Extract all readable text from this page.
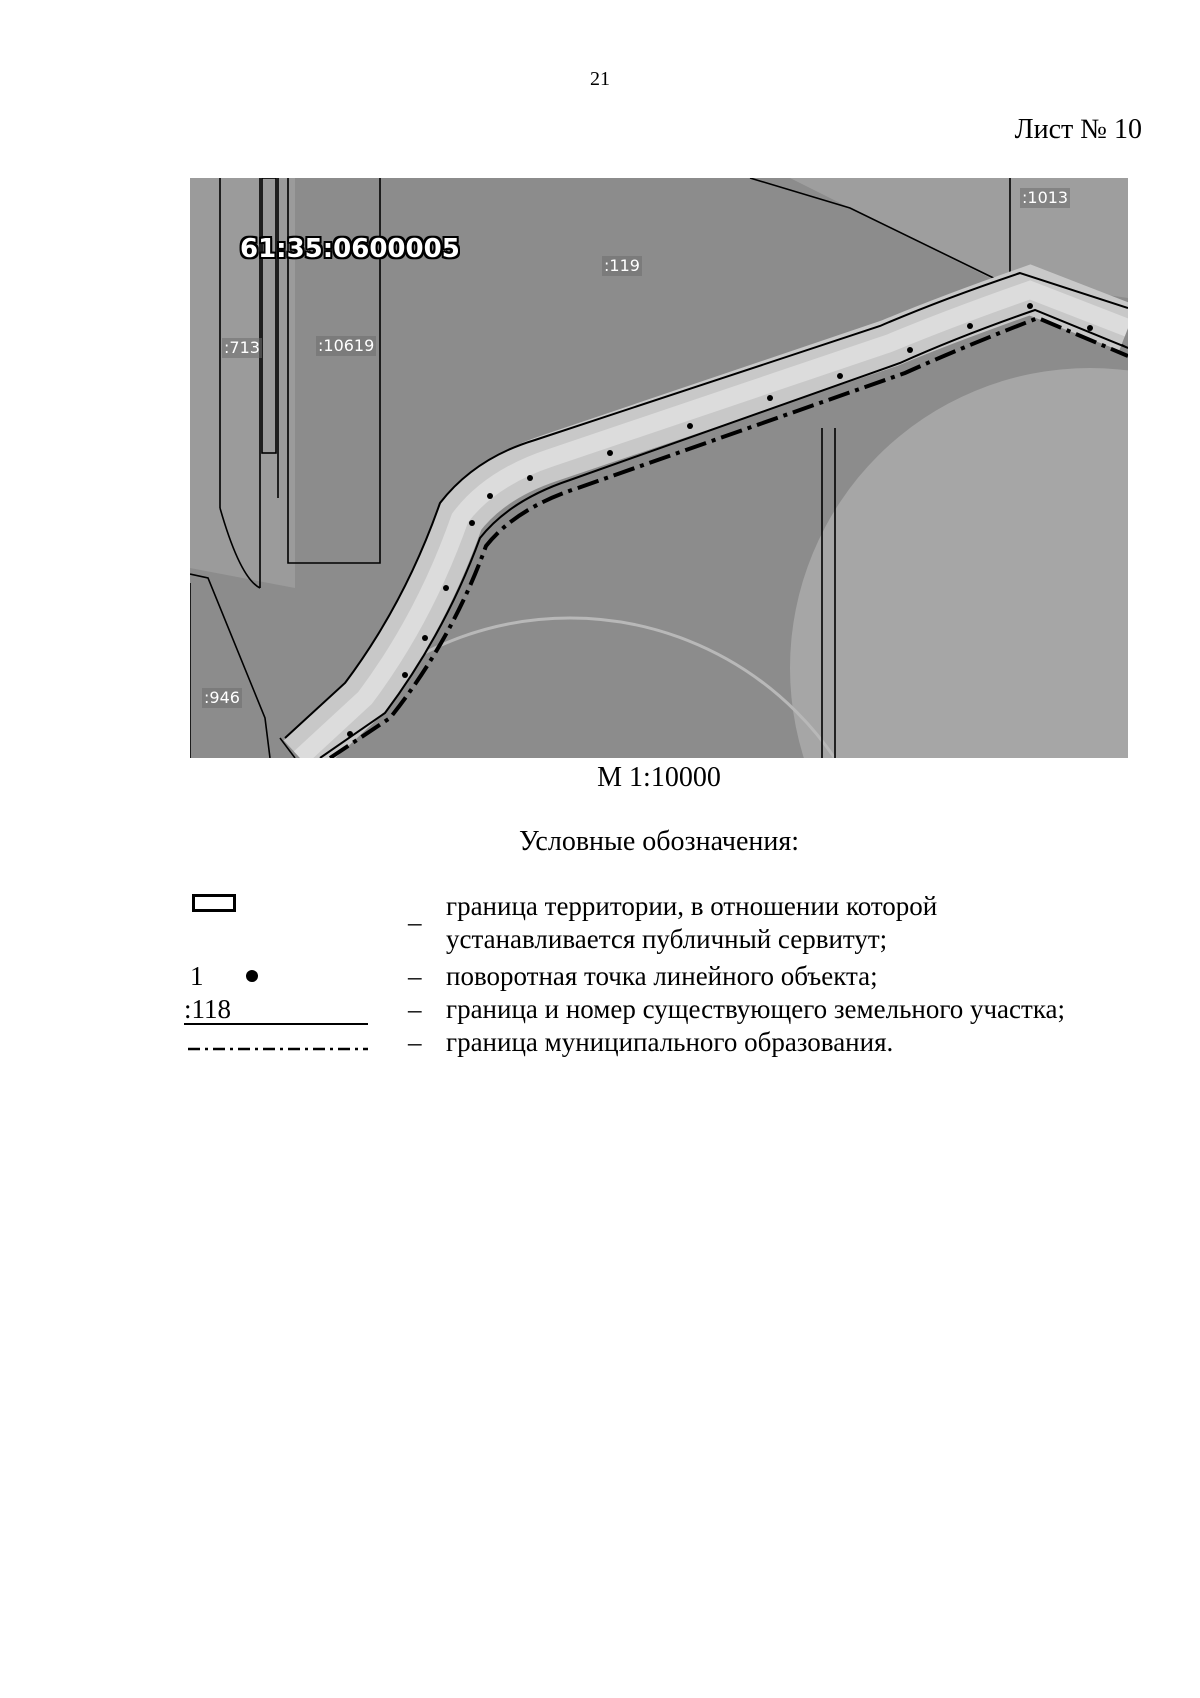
21
Лист № 10
61:35:0600005
:1013
:119
:713	:10619
:946
М 1:10000
Условные обозначения:
–
граница территории, в отношении которой устанавливается публичный сервитут;
1	– поворотная точка линейного объекта;
:118	– граница и номер существующего земельного участка;
– граница муниципального образования.
